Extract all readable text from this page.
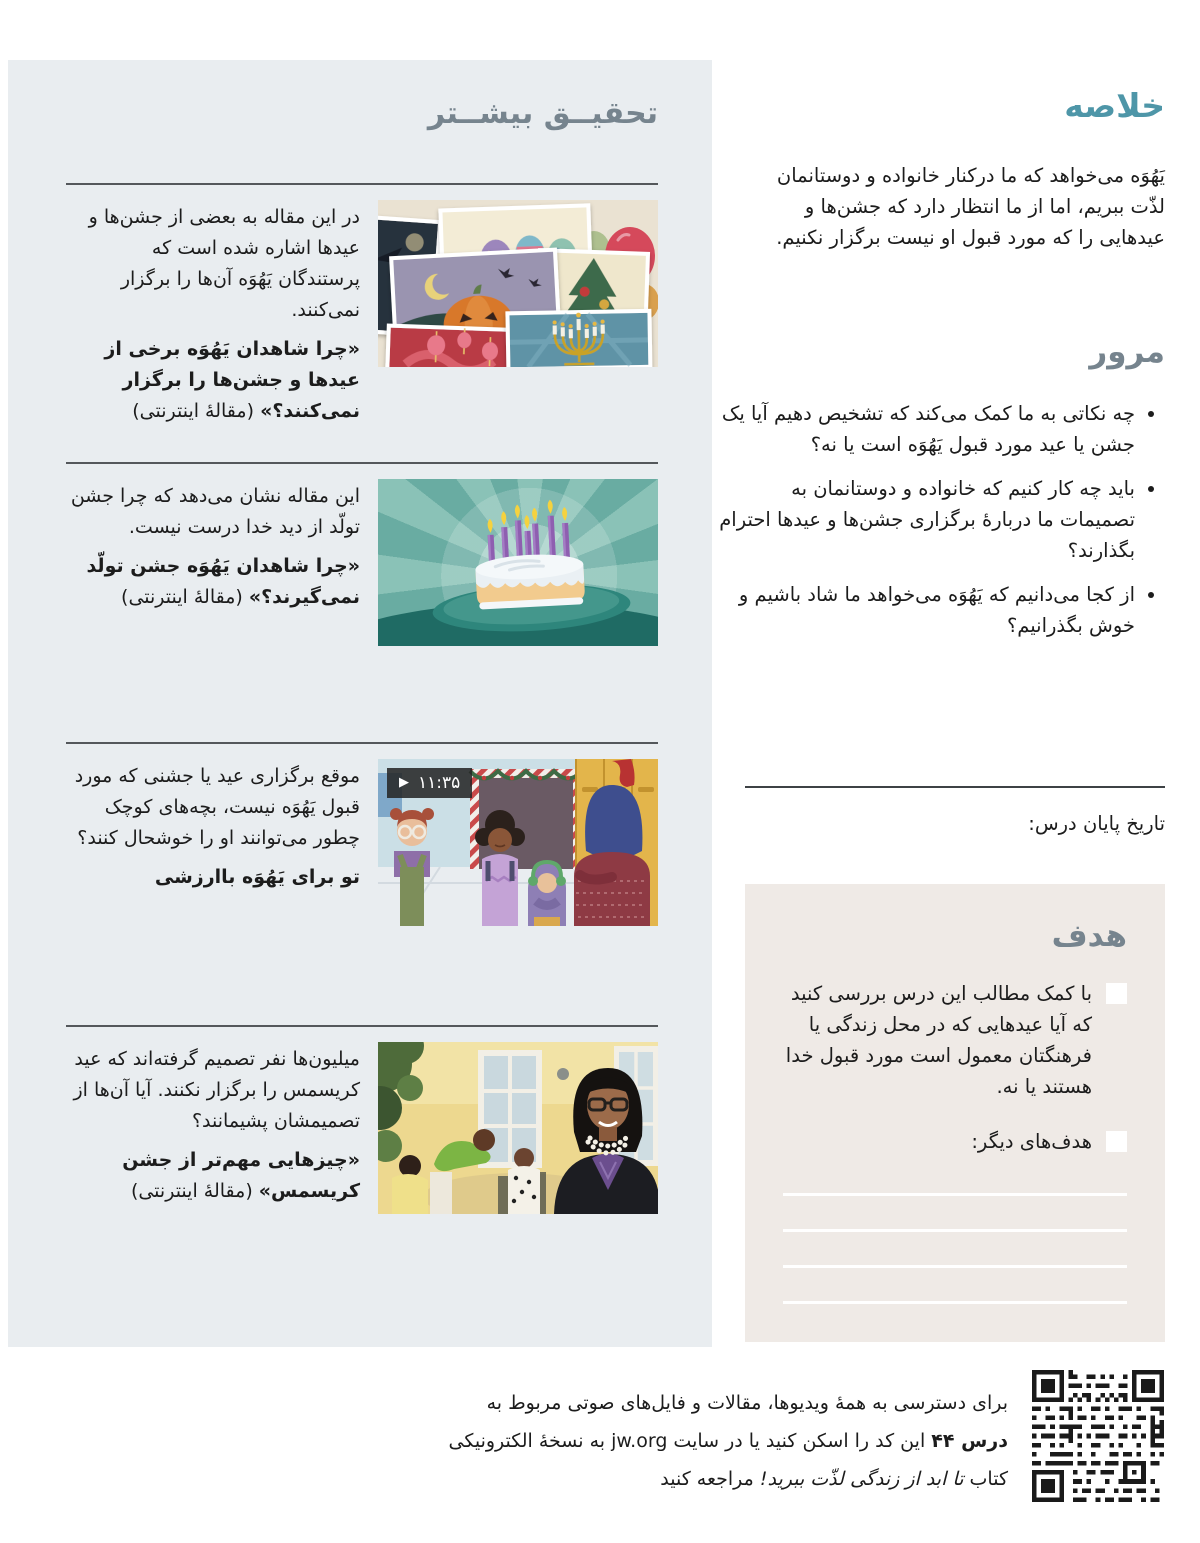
تحقیــق بیشــتر

در این مقاله به بعضی از جشن‌ها و عیدها اشاره شده است که پرستندگان یَهُوَه آن‌ها را برگزار نمی‌کنند.

«چرا شاهدان یَهُوَه برخی از عیدها و جشن‌ها را برگزار نمی‌کنند؟» (مقالهٔ اینترنتی)

این مقاله نشان می‌دهد که چرا جشن تولّد از دید خدا درست نیست.

«چرا شاهدان یَهُوَه جشن تولّد نمی‌گیرند؟» (مقالهٔ اینترنتی)

▶ ۱۱:۳۵

موقع برگزاری عید یا جشنی که مورد قبول یَهُوَه نیست، بچه‌های کوچک چطور می‌توانند او را خوشحال کنند؟

تو برای یَهُوَه باارزشی

میلیون‌ها نفر تصمیم گرفته‌اند که عید کریسمس را برگزار نکنند. آیا آن‌ها از تصمیمشان پشیمانند؟

«چیزهایی مهم‌تر از جشن کریسمس» (مقالهٔ اینترنتی)

خلاصه

یَهُوَه می‌خواهد که ما درکنار خانواده و دوستانمان لذّت ببریم، اما از ما انتظار دارد که جشن‌ها و عیدهایی را که مورد قبول او نیست برگزار نکنیم.

مرور
• چه نکاتی به ما کمک می‌کند که تشخیص دهیم آیا یک جشن یا عید مورد قبول یَهُوَه است یا نه؟
• باید چه کار کنیم که خانواده و دوستانمان به تصمیمات ما دربارهٔ برگزاری جشن‌ها و عیدها احترام بگذارند؟
• از کجا می‌دانیم که یَهُوَه می‌خواهد ما شاد باشیم و خوش بگذرانیم؟

تاریخ پایان درس:

هدف

با کمک مطالب این درس بررسی کنید که آیا عیدهایی که در محل زندگی یا فرهنگتان معمول است مورد قبول خدا هستند یا نه.

هدف‌های دیگر:

برای دسترسی به همهٔ ویدیوها، مقالات و فایل‌های صوتی مربوط به
درس ۴۴ این کد را اسکن کنید یا در سایت jw.org به نسخهٔ الکترونیکی
کتاب تا ابد از زندگی لذّت ببرید! مراجعه کنید
